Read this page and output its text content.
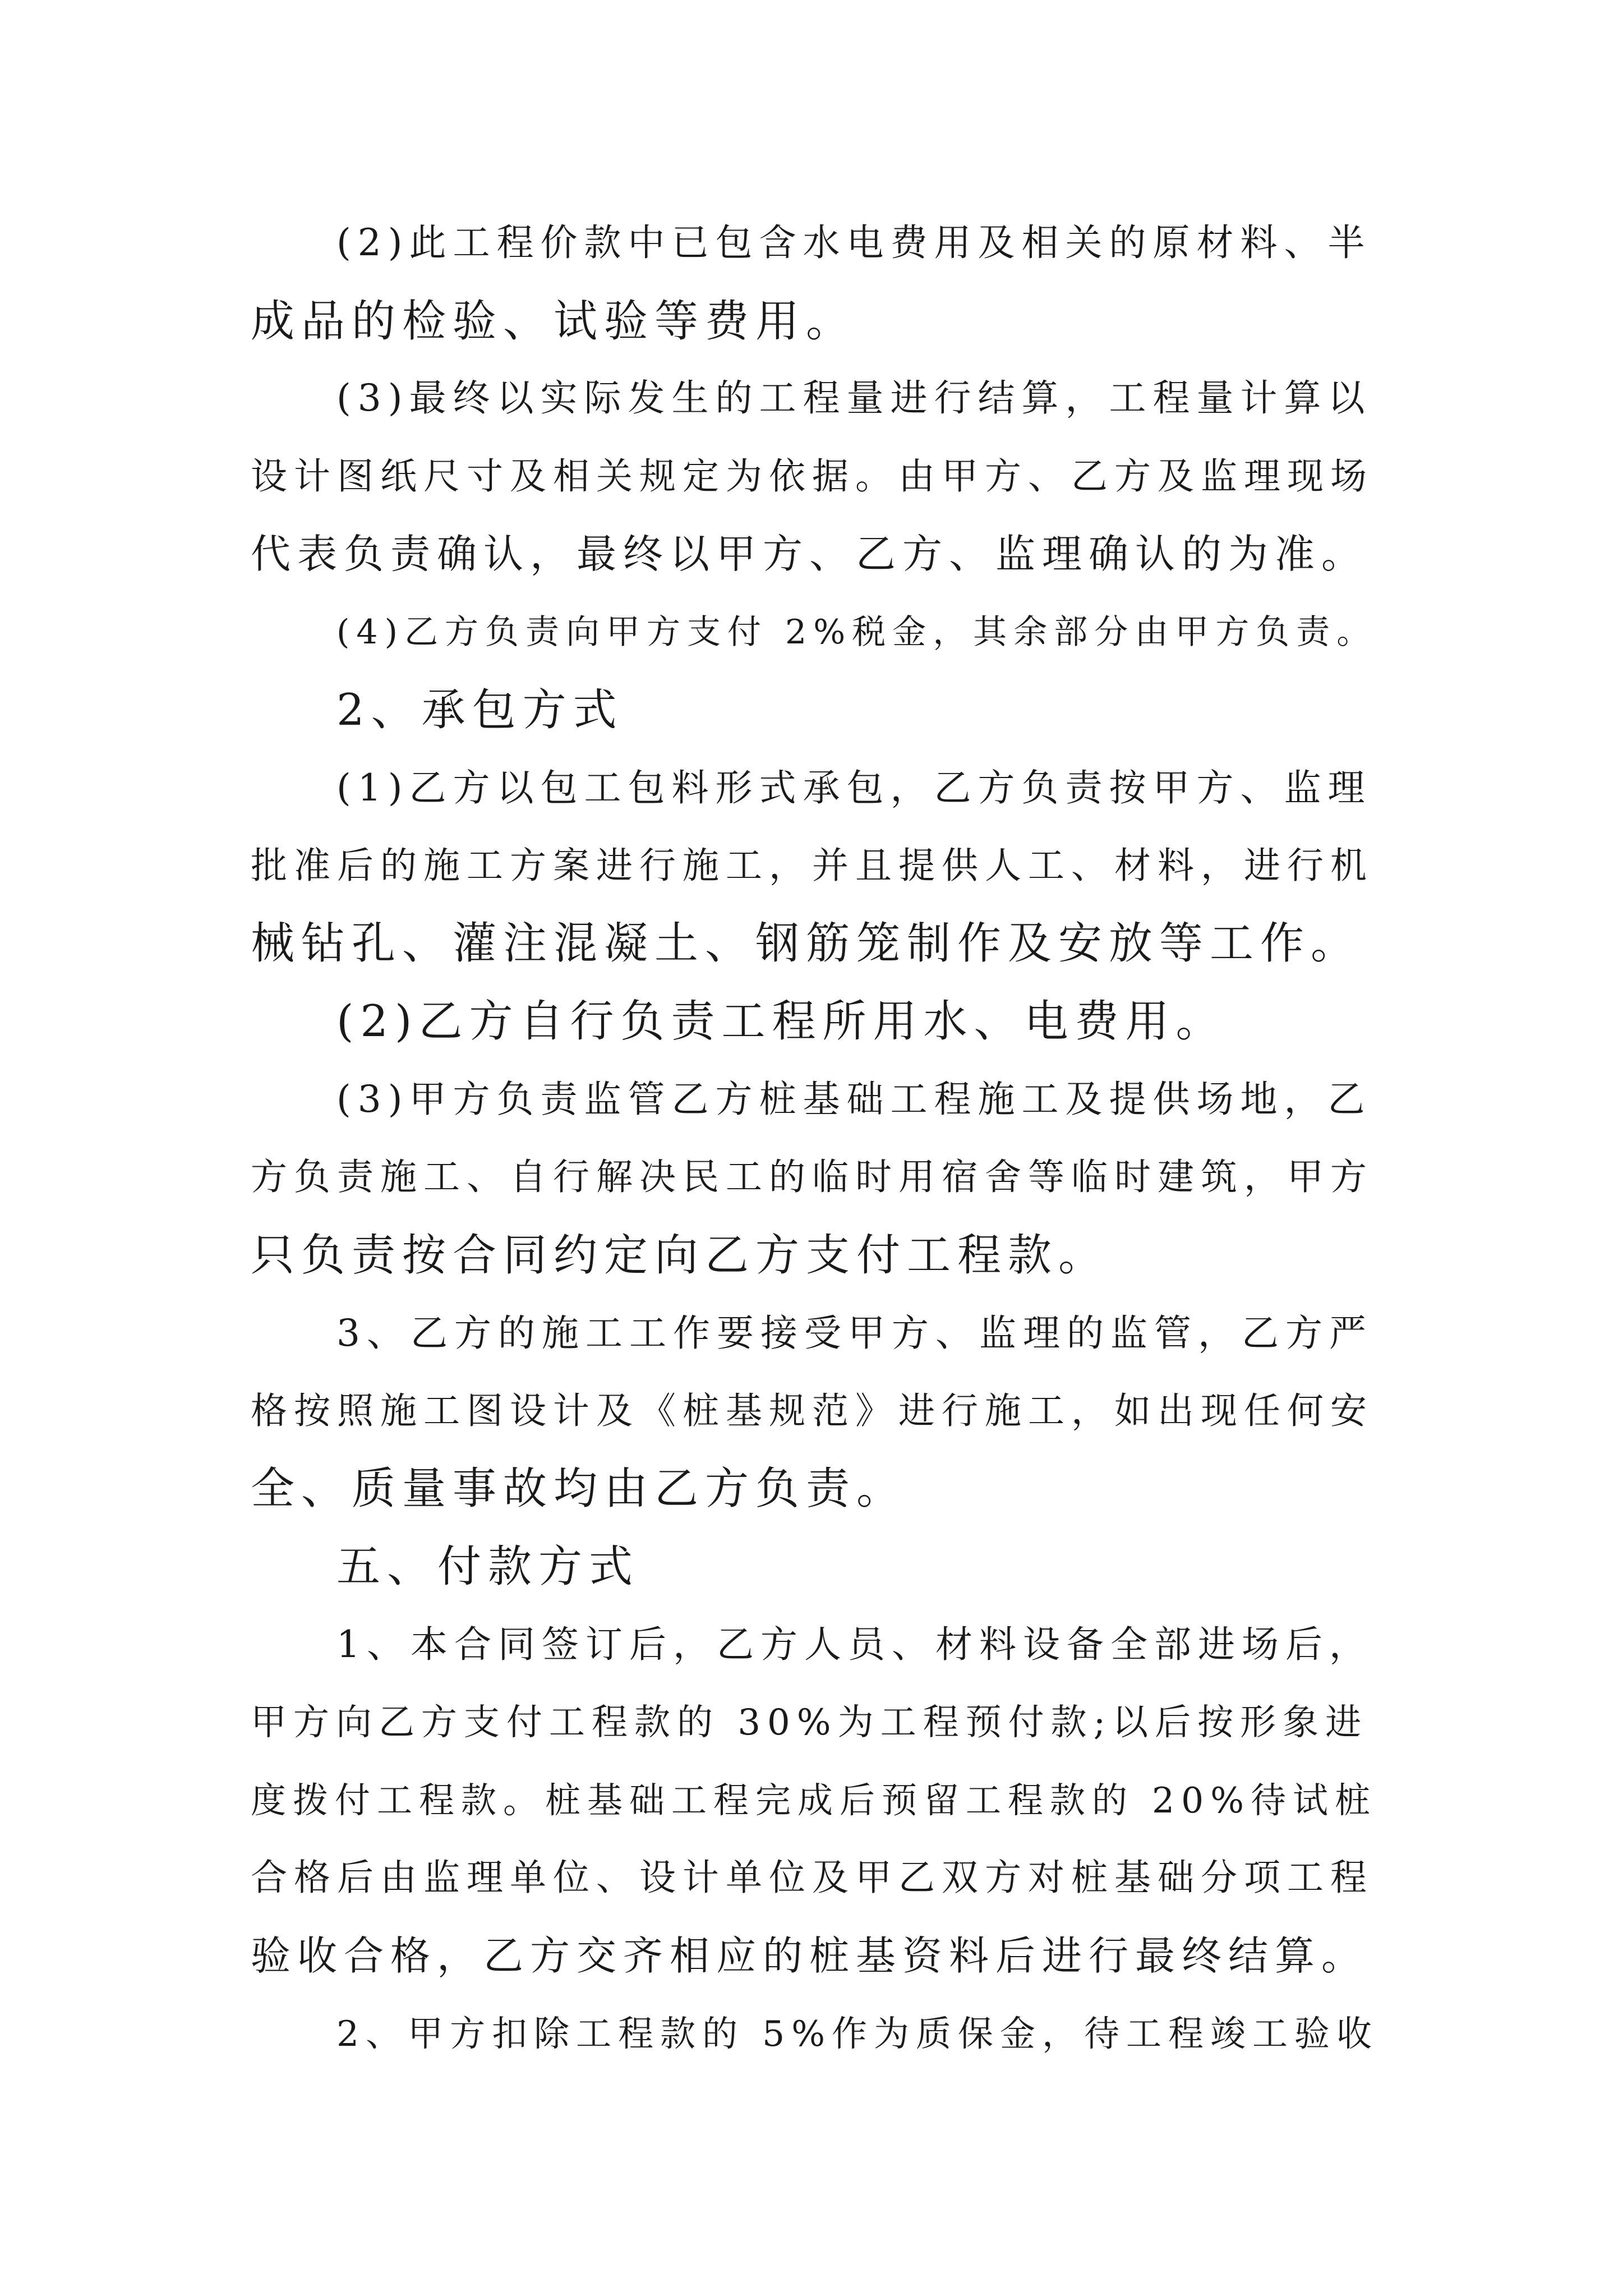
(2)此工程价款中已包含水电费用及相关的原材料、半
成品的检验、试验等费用。
(3)最终以实际发生的工程量进行结算，工程量计算以
设计图纸尺寸及相关规定为依据。由甲方、乙方及监理现场
代表负责确认，最终以甲方、乙方、监理确认的为准。
(4)乙方负责向甲方支付 2%税金，其余部分由甲方负责。
2、承包方式
(1)乙方以包工包料形式承包，乙方负责按甲方、监理
批准后的施工方案进行施工，并且提供人工、材料，进行机
械钻孔、灌注混凝土、钢筋笼制作及安放等工作。
(2)乙方自行负责工程所用水、电费用。
(3)甲方负责监管乙方桩基础工程施工及提供场地，乙
方负责施工、自行解决民工的临时用宿舍等临时建筑，甲方
只负责按合同约定向乙方支付工程款。
3、乙方的施工工作要接受甲方、监理的监管，乙方严
格按照施工图设计及《桩基规范》进行施工，如出现任何安
全、质量事故均由乙方负责。
五、付款方式
1、本合同签订后，乙方人员、材料设备全部进场后，
甲方向乙方支付工程款的 30%为工程预付款;以后按形象进
度拨付工程款。桩基础工程完成后预留工程款的 20%待试桩
合格后由监理单位、设计单位及甲乙双方对桩基础分项工程
验收合格，乙方交齐相应的桩基资料后进行最终结算。
2、甲方扣除工程款的 5%作为质保金，待工程竣工验收
